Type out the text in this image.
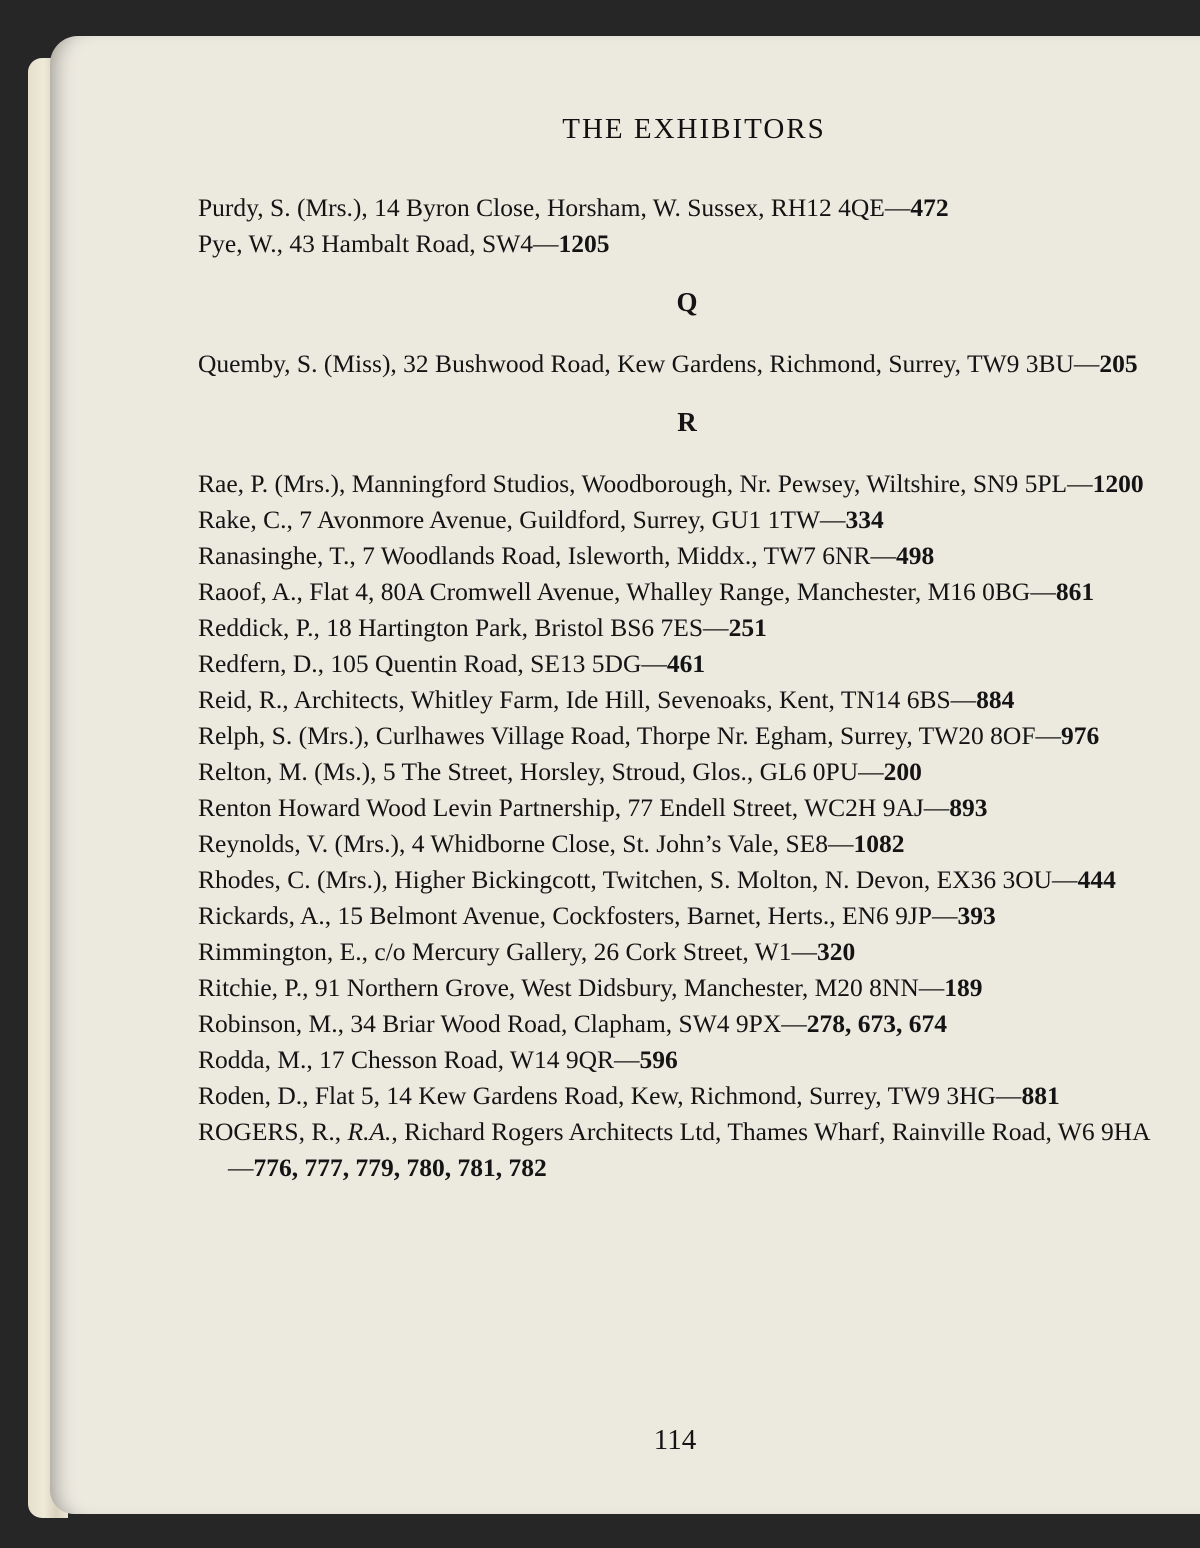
THE EXHIBITORS
Purdy, S. (Mrs.), 14 Byron Close, Horsham, W. Sussex, RH12 4QE—472
Pye, W., 43 Hambalt Road, SW4—1205
Q
Quemby, S. (Miss), 32 Bushwood Road, Kew Gardens, Richmond, Surrey, TW9 3BU—205
R
Rae, P. (Mrs.), Manningford Studios, Woodborough, Nr. Pewsey, Wiltshire, SN9 5PL—1200
Rake, C., 7 Avonmore Avenue, Guildford, Surrey, GU1 1TW—334
Ranasinghe, T., 7 Woodlands Road, Isleworth, Middx., TW7 6NR—498
Raoof, A., Flat 4, 80A Cromwell Avenue, Whalley Range, Manchester, M16 0BG—861
Reddick, P., 18 Hartington Park, Bristol BS6 7ES—251
Redfern, D., 105 Quentin Road, SE13 5DG—461
Reid, R., Architects, Whitley Farm, Ide Hill, Sevenoaks, Kent, TN14 6BS—884
Relph, S. (Mrs.), Curlhawes Village Road, Thorpe Nr. Egham, Surrey, TW20 8OF—976
Relton, M. (Ms.), 5 The Street, Horsley, Stroud, Glos., GL6 0PU—200
Renton Howard Wood Levin Partnership, 77 Endell Street, WC2H 9AJ—893
Reynolds, V. (Mrs.), 4 Whidborne Close, St. John’s Vale, SE8—1082
Rhodes, C. (Mrs.), Higher Bickingcott, Twitchen, S. Molton, N. Devon, EX36 3OU—444
Rickards, A., 15 Belmont Avenue, Cockfosters, Barnet, Herts., EN6 9JP—393
Rimmington, E., c/o Mercury Gallery, 26 Cork Street, W1—320
Ritchie, P., 91 Northern Grove, West Didsbury, Manchester, M20 8NN—189
Robinson, M., 34 Briar Wood Road, Clapham, SW4 9PX—278, 673, 674
Rodda, M., 17 Chesson Road, W14 9QR—596
Roden, D., Flat 5, 14 Kew Gardens Road, Kew, Richmond, Surrey, TW9 3HG—881
ROGERS, R., R.A., Richard Rogers Architects Ltd, Thames Wharf, Rainville Road, W6 9HA—776, 777, 779, 780, 781, 782
114
